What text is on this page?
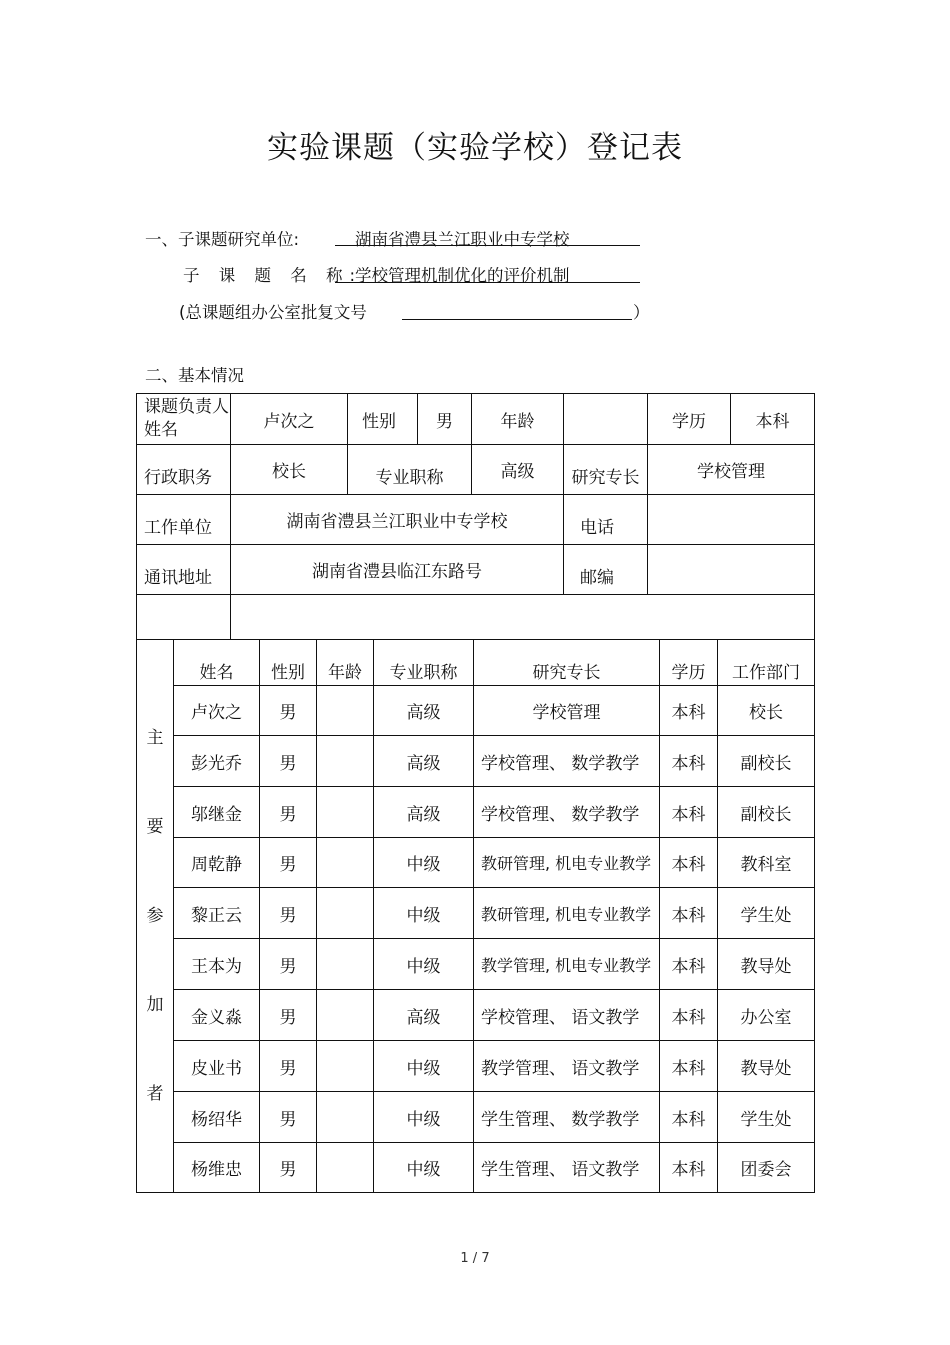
实验课题（实验学校）登记表
一、子课题研究单位:	湖南省澧县兰江职业中专学校
子 课 题 名 称:
学校管理机制优化的评价机制
(总课题组办公室批复文号	）
二、基本情况
课题负责人姓名	卢次之	性别	男	年龄		学历	本科
行政职务	校长	专业职称		高级	研究专长	学校管理	
工作单位	湖南省澧县兰江职业中专学校				电话		
通讯地址	湖南省澧县临江东路号				邮编		

主
要
参
加
者	姓名	性别	年龄	专业职称	研究专长	学历	工作部门
	卢次之	男		高级	学校管理	本科	校长
	彭光乔	男		高级	学校管理、 数学教学	本科	副校长
	邬继金	男		高级	学校管理、 数学教学	本科	副校长
	周乾静	男		中级	教研管理, 机电专业教学	本科	教科室
	黎正云	男		中级	教研管理, 机电专业教学	本科	学生处
	王本为	男		中级	教学管理, 机电专业教学	本科	教导处
	金义淼	男		高级	学校管理、 语文教学	本科	办公室
	皮业书	男		中级	教学管理、 语文教学	本科	教导处
	杨绍华	男		中级	学生管理、 数学教学	本科	学生处
	杨维忠	男		中级	学生管理、 语文教学	本科	团委会
1 / 7
